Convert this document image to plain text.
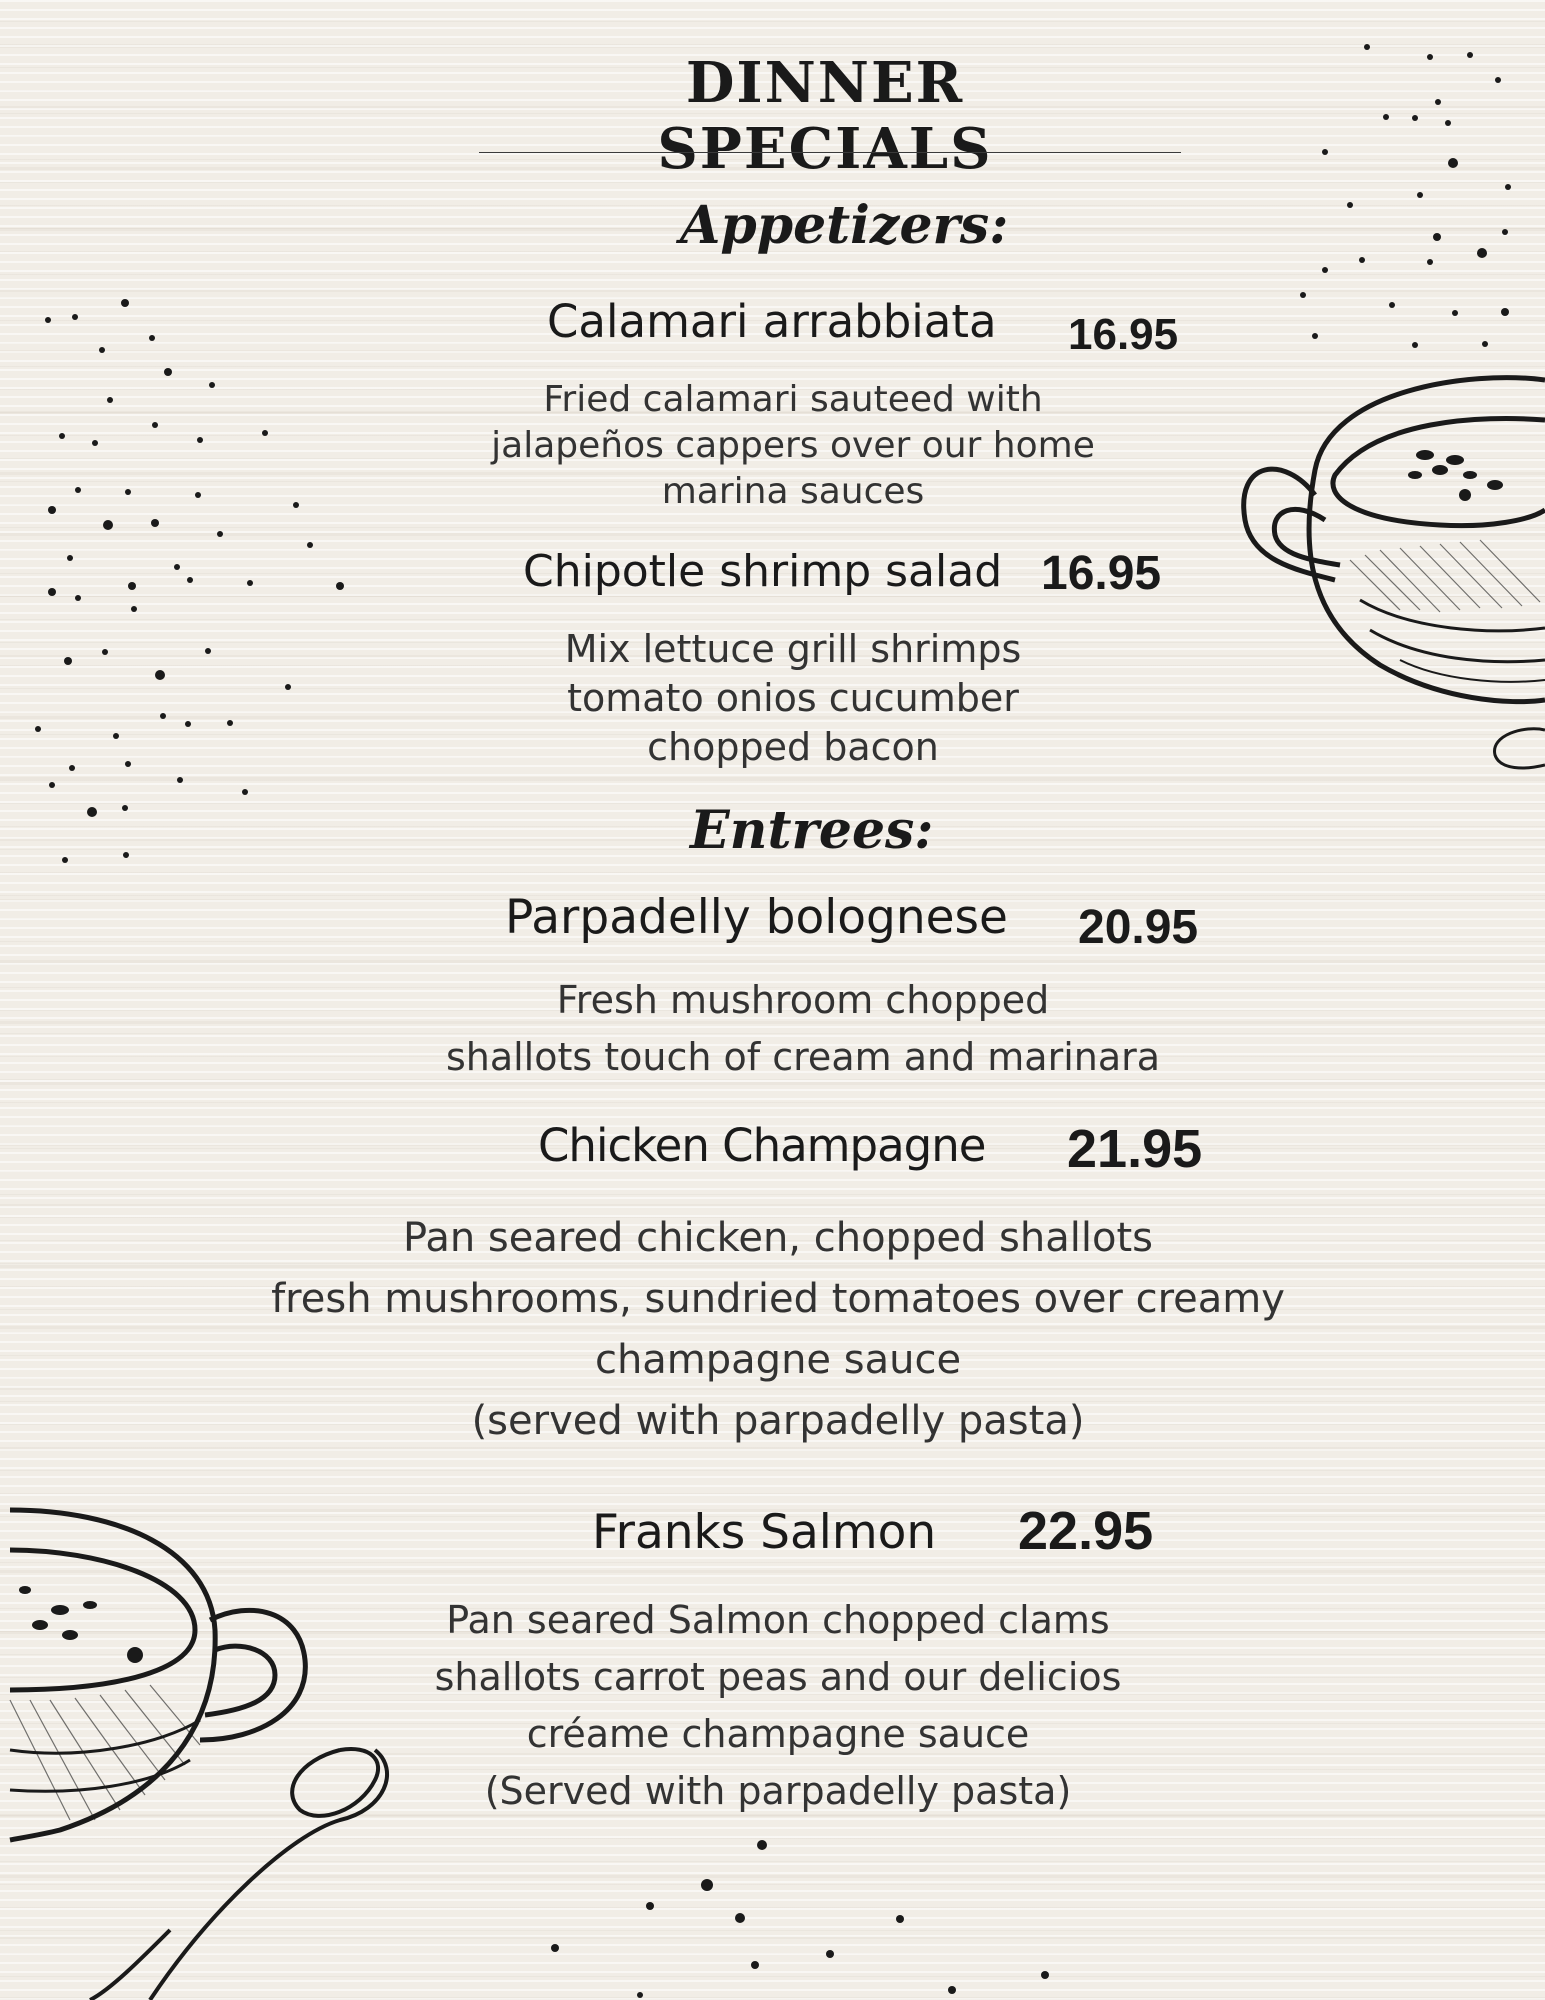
DINNER SPECIALS
Appetizers:
Calamari arrabbiata 16.95
Fried calamari sauteed with
jalapeños cappers over our home
marina sauces
Chipotle shrimp salad 16.95
Mix lettuce grill shrimps
tomato onios cucumber
chopped bacon
Entrees:
Parpadelly bolognese 20.95
Fresh mushroom chopped
shallots touch of cream and marinara
Chicken Champagne 21.95
Pan seared chicken, chopped shallots
fresh mushrooms, sundried tomatoes over creamy
champagne sauce
(served with parpadelly pasta)
Franks Salmon 22.95
Pan seared Salmon chopped clams
shallots carrot peas and our delicios
créame champagne sauce
(Served with parpadelly pasta)
